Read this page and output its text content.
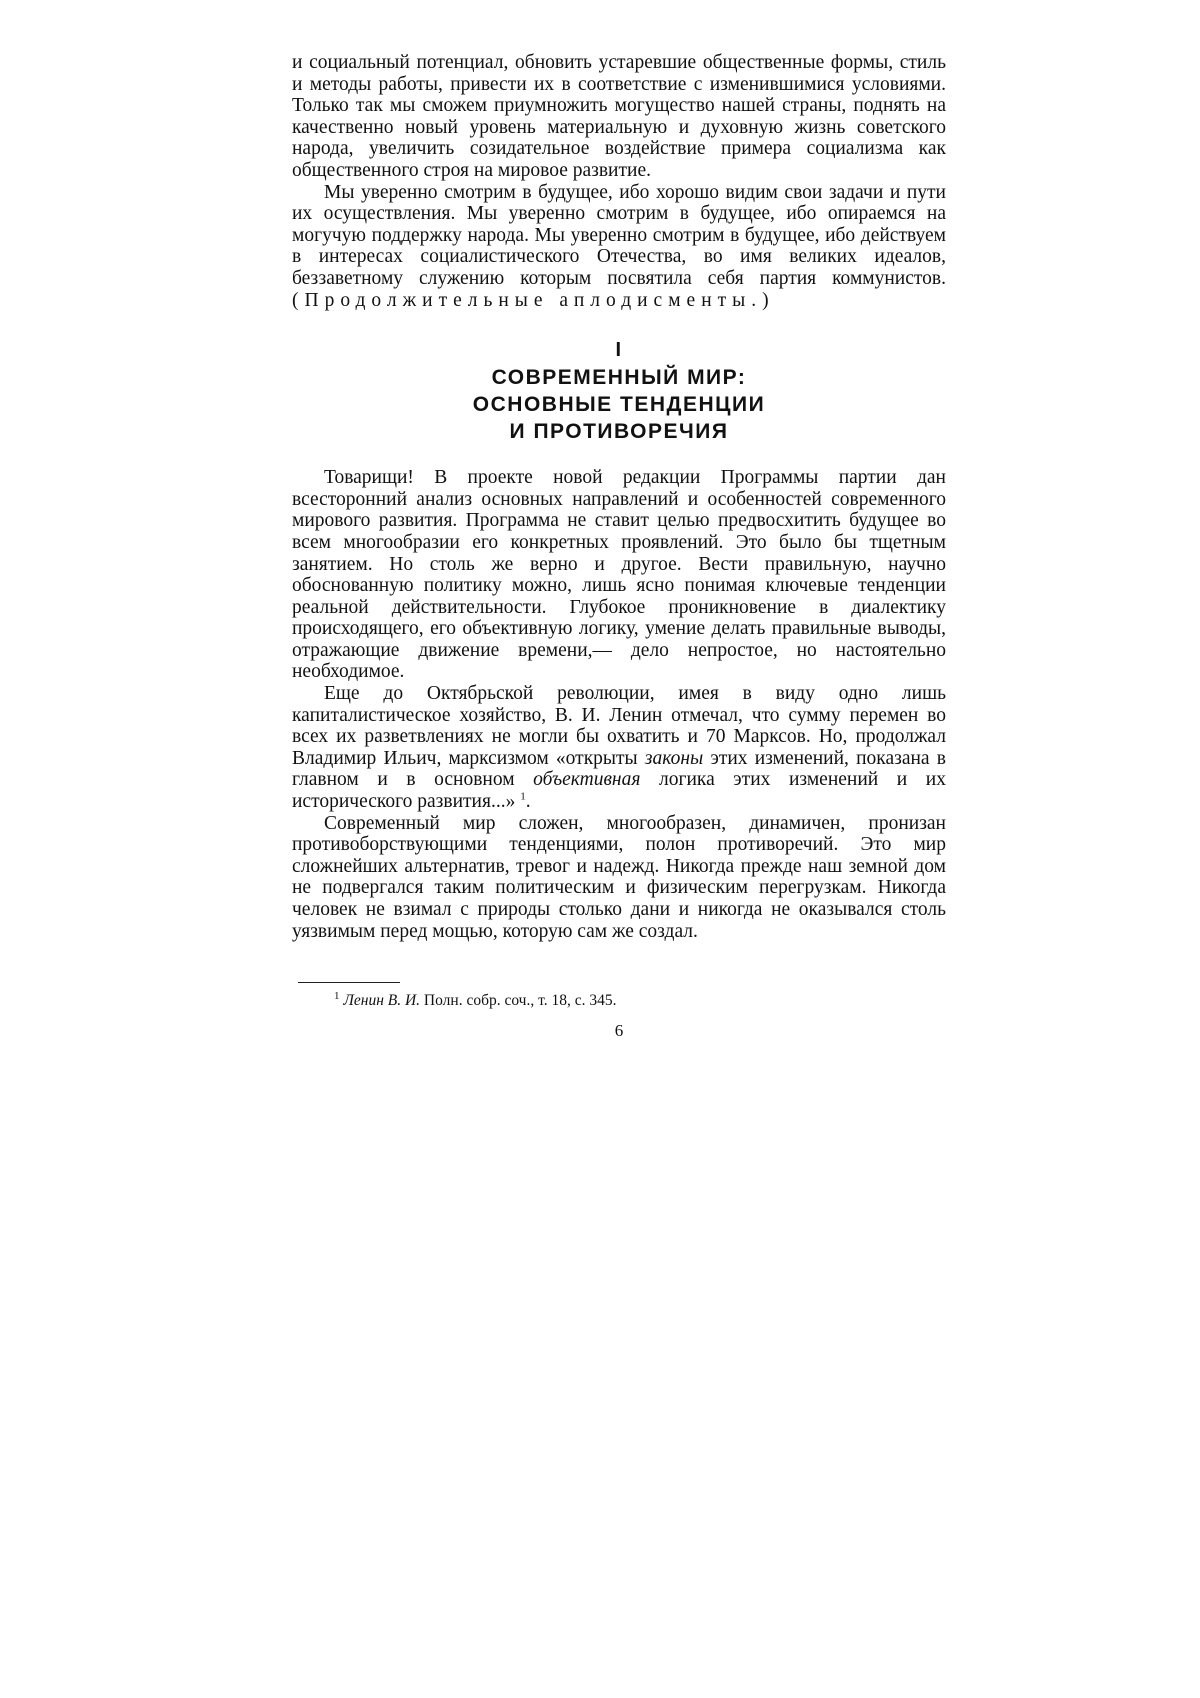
и социальный потенциал, обновить устаревшие общественные формы, стиль и методы работы, привести их в соответствие с изменившимися условиями. Только так мы сможем приумножить могущество нашей страны, поднять на качественно новый уровень материальную и духовную жизнь советского народа, увеличить созидательное воздействие примера социализма как общественного строя на мировое развитие.

Мы уверенно смотрим в будущее, ибо хорошо видим свои задачи и пути их осуществления. Мы уверенно смотрим в будущее, ибо опираемся на могучую поддержку народа. Мы уверенно смотрим в будущее, ибо действуем в интересах социалистического Отечества, во имя великих идеалов, беззаветному служению которым посвятила себя партия коммунистов. (Продолжительные аплодисменты.)

I
СОВРЕМЕННЫЙ МИР:
ОСНОВНЫЕ ТЕНДЕНЦИИ
И ПРОТИВОРЕЧИЯ

Товарищи! В проекте новой редакции Программы партии дан всесторонний анализ основных направлений и особенностей современного мирового развития. Программа не ставит целью предвосхитить будущее во всем многообразии его конкретных проявлений. Это было бы тщетным занятием. Но столь же верно и другое. Вести правильную, научно обоснованную политику можно, лишь ясно понимая ключевые тенденции реальной действительности. Глубокое проникновение в диалектику происходящего, его объективную логику, умение делать правильные выводы, отражающие движение времени,— дело непростое, но настоятельно необходимое.

Еще до Октябрьской революции, имея в виду одно лишь капиталистическое хозяйство, В. И. Ленин отмечал, что сумму перемен во всех их разветвлениях не могли бы охватить и 70 Марксов. Но, продолжал Владимир Ильич, марксизмом «открыты законы этих изменений, показана в главном и в основном объективная логика этих изменений и их исторического развития...» $^1$.

Современный мир сложен, многообразен, динамичен, пронизан противоборствующими тенденциями, полон противоречий. Это мир сложнейших альтернатив, тревог и надежд. Никогда прежде наш земной дом не подвергался таким политическим и физическим перегрузкам. Никогда человек не взимал с природы столько дани и никогда не оказывался столь уязвимым перед мощью, которую сам же создал.

$^1$ Ленин В. И. Полн. собр. соч., т. 18, с. 345.

6
